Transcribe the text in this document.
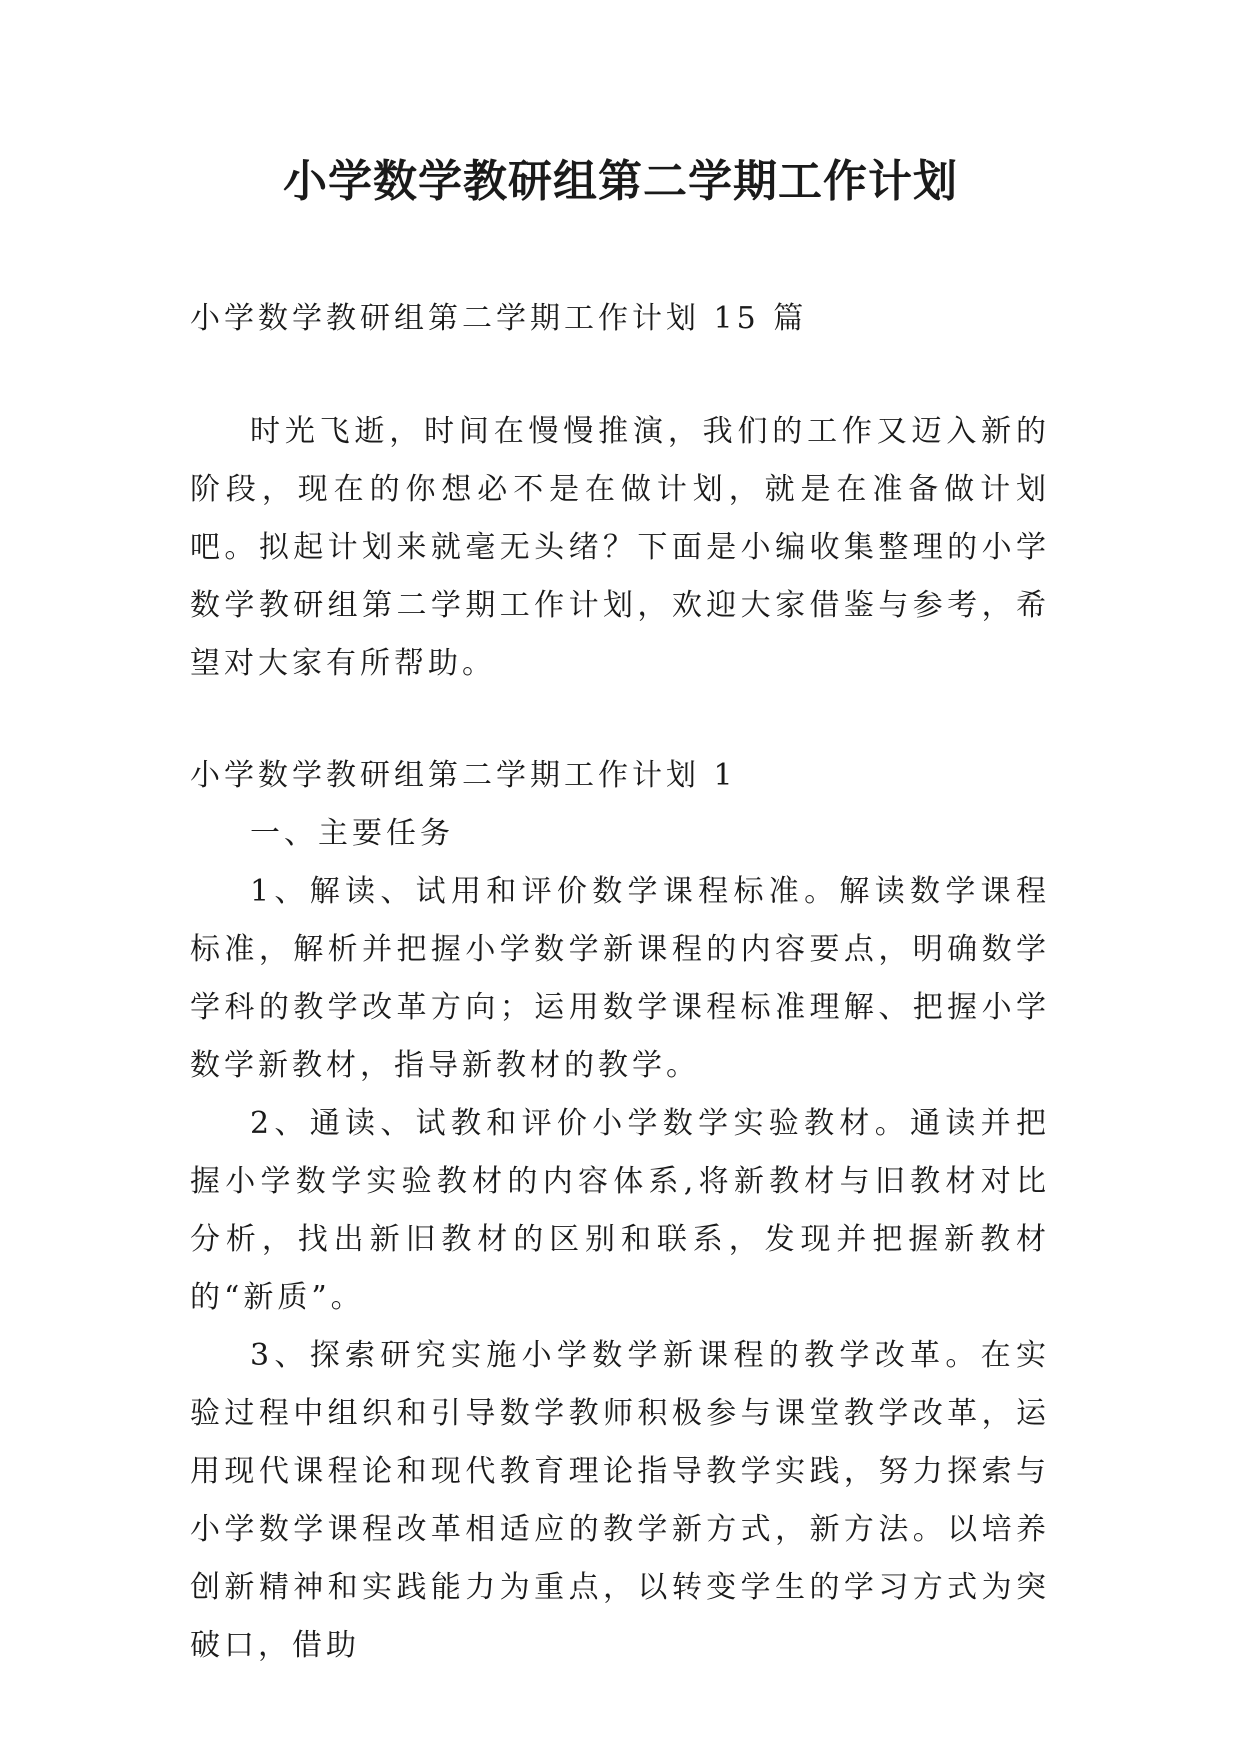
小学数学教研组第二学期工作计划
小学数学教研组第二学期工作计划 15 篇

时光飞逝，时间在慢慢推演，我们的工作又迈入新的阶段，现在的你想必不是在做计划，就是在准备做计划吧。拟起计划来就毫无头绪？下面是小编收集整理的小学数学教研组第二学期工作计划，欢迎大家借鉴与参考，希望对大家有所帮助。

小学数学教研组第二学期工作计划 1

一、主要任务

1、解读、试用和评价数学课程标准。解读数学课程标准，解析并把握小学数学新课程的内容要点，明确数学学科的教学改革方向；运用数学课程标准理解、把握小学数学新教材，指导新教材的教学。

2、通读、试教和评价小学数学实验教材。通读并把握小学数学实验教材的内容体系,将新教材与旧教材对比分析，找出新旧教材的区别和联系，发现并把握新教材的“新质”。

3、探索研究实施小学数学新课程的教学改革。在实验过程中组织和引导数学教师积极参与课堂教学改革，运用现代课程论和现代教育理论指导教学实践，努力探索与小学数学课程改革相适应的教学新方式，新方法。以培养创新精神和实践能力为重点，以转变学生的学习方式为突破口，借助
